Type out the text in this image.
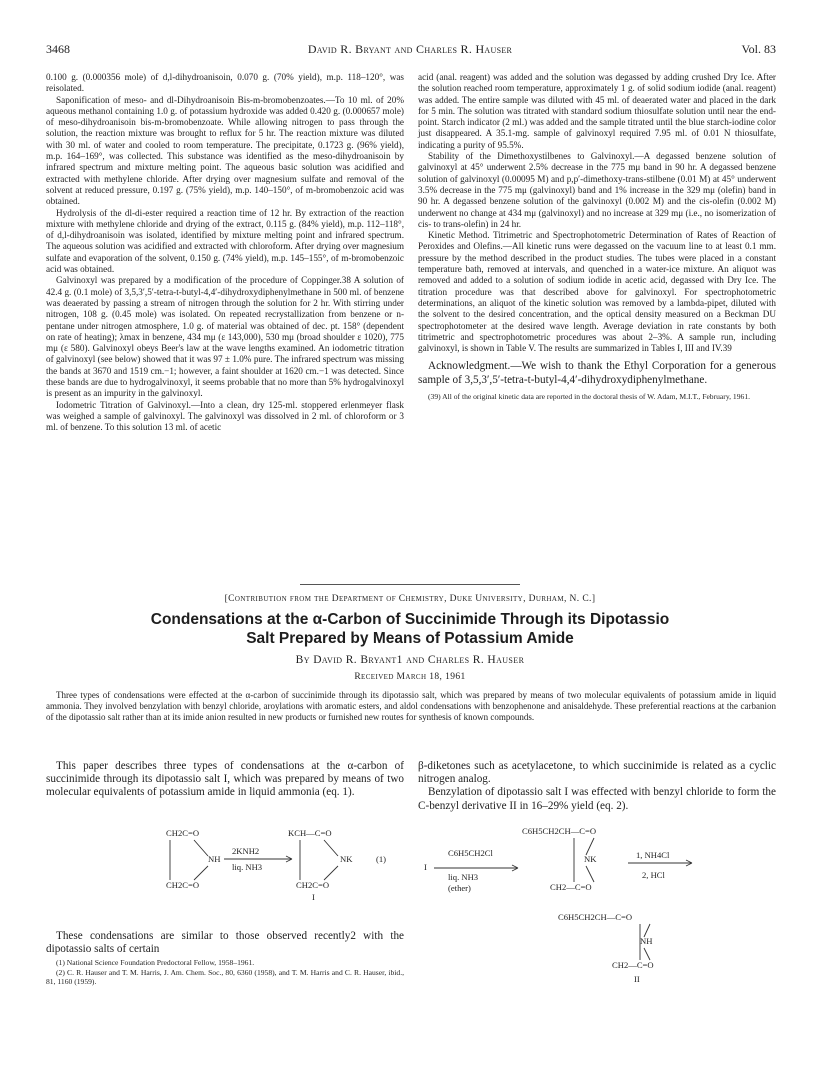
3468	David R. Bryant and Charles R. Hauser	Vol. 83

0.100 g. (0.000356 mole) of d,l-dihydroanisoin, 0.070 g. (70% yield), m.p. 118–120°, was reisolated.

Saponification of meso- and dl-Dihydroanisoin Bis-m-bromobenzoates.—To 10 ml. of 20% aqueous methanol containing 1.0 g. of potassium hydroxide was added 0.420 g. (0.000657 mole) of meso-dihydroanisoin bis-m-bromobenzoate. While allowing nitrogen to pass through the solution, the reaction mixture was brought to reflux for 5 hr. The reaction mixture was diluted with 30 ml. of water and cooled to room temperature. The precipitate, 0.1723 g. (96% yield), m.p. 164–169°, was collected. This substance was identified as the meso-dihydroanisoin by infrared spectrum and mixture melting point. The aqueous basic solution was acidified and extracted with methylene chloride. After drying over magnesium sulfate and removal of the solvent at reduced pressure, 0.197 g. (75% yield), m.p. 140–150°, of m-bromobenzoic acid was obtained.

Hydrolysis of the dl-di-ester required a reaction time of 12 hr. By extraction of the reaction mixture with methylene chloride and drying of the extract, 0.115 g. (84% yield), m.p. 112–118°, of d,l-dihydroanisoin was isolated, identified by mixture melting point and infrared spectrum. The aqueous solution was acidified and extracted with chloroform. After drying over magnesium sulfate and evaporation of the solvent, 0.150 g. (74% yield), m.p. 145–155°, of m-bromobenzoic acid was obtained.

Galvinoxyl was prepared by a modification of the procedure of Coppinger.38 A solution of 42.4 g. (0.1 mole) of 3,5,3′,5′-tetra-t-butyl-4,4′-dihydroxydiphenylmethane in 500 ml. of benzene was deaerated by passing a stream of nitrogen through the solution for 2 hr. With stirring under nitrogen, 108 g. (0.45 mole) was isolated. On repeated recrystallization from benzene or n-pentane under nitrogen atmosphere, 1.0 g. of material was obtained of dec. pt. 158° (dependent on rate of heating); λmax in benzene, 434 mμ (ε 143,000), 530 mμ (broad shoulder ε 1020), 775 mμ (ε 580). Galvinoxyl obeys Beer's law at the wave lengths examined. An iodometric titration of galvinoxyl (see below) showed that it was 97 ± 1.0% pure. The infrared spectrum was missing the bands at 3670 and 1519 cm.−1; however, a faint shoulder at 1620 cm.−1 was detected. Since these bands are due to hydrogalvinoxyl, it seems probable that no more than 5% hydrogalvinoxyl is present as an impurity in the galvinoxyl.

Iodometric Titration of Galvinoxyl.—Into a clean, dry 125-ml. stoppered erlenmeyer flask was weighed a sample of galvinoxyl. The galvinoxyl was dissolved in 2 ml. of chloroform or 3 ml. of benzene. To this solution 13 ml. of acetic

acid (anal. reagent) was added and the solution was degassed by adding crushed Dry Ice. After the solution reached room temperature, approximately 1 g. of solid sodium iodide (anal. reagent) was added. The entire sample was diluted with 45 ml. of deaerated water and placed in the dark for 5 min. The solution was titrated with standard sodium thiosulfate solution until near the end-point. Starch indicator (2 ml.) was added and the sample titrated until the blue starch-iodine color just disappeared. A 35.1-mg. sample of galvinoxyl required 7.95 ml. of 0.01 N thiosulfate, indicating a purity of 95.5%.

Stability of the Dimethoxystilbenes to Galvinoxyl.—A degassed benzene solution of galvinoxyl at 45° underwent 2.5% decrease in the 775 mμ band in 90 hr. A degassed benzene solution of galvinoxyl (0.00095 M) and p,p′-dimethoxy-trans-stilbene (0.01 M) at 45° underwent 3.5% decrease in the 775 mμ (galvinoxyl) band and 1% increase in the 329 mμ (olefin) band in 90 hr. A degassed benzene solution of the galvinoxyl (0.002 M) and the cis-olefin (0.002 M) underwent no change at 434 mμ (galvinoxyl) and no increase at 329 mμ (i.e., no isomerization of cis- to trans-olefin) in 24 hr.

Kinetic Method. Titrimetric and Spectrophotometric Determination of Rates of Reaction of Peroxides and Olefins.—All kinetic runs were degassed on the vacuum line to at least 0.1 mm. pressure by the method described in the product studies. The tubes were placed in a constant temperature bath, removed at intervals, and quenched in a water-ice mixture. An aliquot was removed and added to a solution of sodium iodide in acetic acid, degassed with Dry Ice. The titration procedure was that described above for galvinoxyl. For spectrophotometric determinations, an aliquot of the kinetic solution was removed by a lambda-pipet, diluted with the solvent to the desired concentration, and the optical density measured on a Beckman DU spectrophotometer at the desired wave length. Average deviation in rate constants by both titrimetric and spectrophotometric procedures was about 2–3%. A sample run, including galvinoxyl, is shown in Table V. The results are summarized in Tables I, III and IV.39

Acknowledgment.—We wish to thank the Ethyl Corporation for a generous sample of 3,5,3′,5′-tetra-t-butyl-4,4′-dihydroxydiphenylmethane.

(39) All of the original kinetic data are reported in the doctoral thesis of W. Adam, M.I.T., February, 1961.

[Contribution from the Department of Chemistry, Duke University, Durham, N. C.]
Condensations at the α-Carbon of Succinimide Through its Dipotassio
Salt Prepared by Means of Potassium Amide
By David R. Bryant1 and Charles R. Hauser
Received March 18, 1961

Three types of condensations were effected at the α-carbon of succinimide through its dipotassio salt, which was prepared by means of two molecular equivalents of potassium amide in liquid ammonia. They involved benzylation with benzyl chloride, aroylations with aromatic esters, and aldol condensations with benzophenone and anisaldehyde. These preferential reactions at the carbanion of the dipotassio salt rather than at its imide anion resulted in new products or furnished new routes for synthesis of known compounds.

This paper describes three types of condensations at the α-carbon of succinimide through its dipotassio salt I, which was prepared by means of two molecular equivalents of potassium amide in liquid ammonia (eq. 1).

CH2C=O
NH
CH2C=O
2KNH2
liq. NH3
KCH—C=O
NK
CH2C=O
I
(1)

These condensations are similar to those observed recently2 with the dipotassio salts of certain

(1) National Science Foundation Predoctoral Fellow, 1958–1961.

(2) C. R. Hauser and T. M. Harris, J. Am. Chem. Soc., 80, 6360 (1958), and T. M. Harris and C. R. Hauser, ibid., 81, 1160 (1959).

β-diketones such as acetylacetone, to which succinimide is related as a cyclic nitrogen analog.

Benzylation of dipotassio salt I was effected with benzyl chloride to form the C-benzyl derivative II in 16–29% yield (eq. 2).

I
C6H5CH2Cl
liq. NH3
(ether)
C6H5CH2CH—C=O
NK
CH2—C=O
1, NH4Cl
2, HCl
C6H5CH2CH—C=O
NH
CH2—C=O
II
